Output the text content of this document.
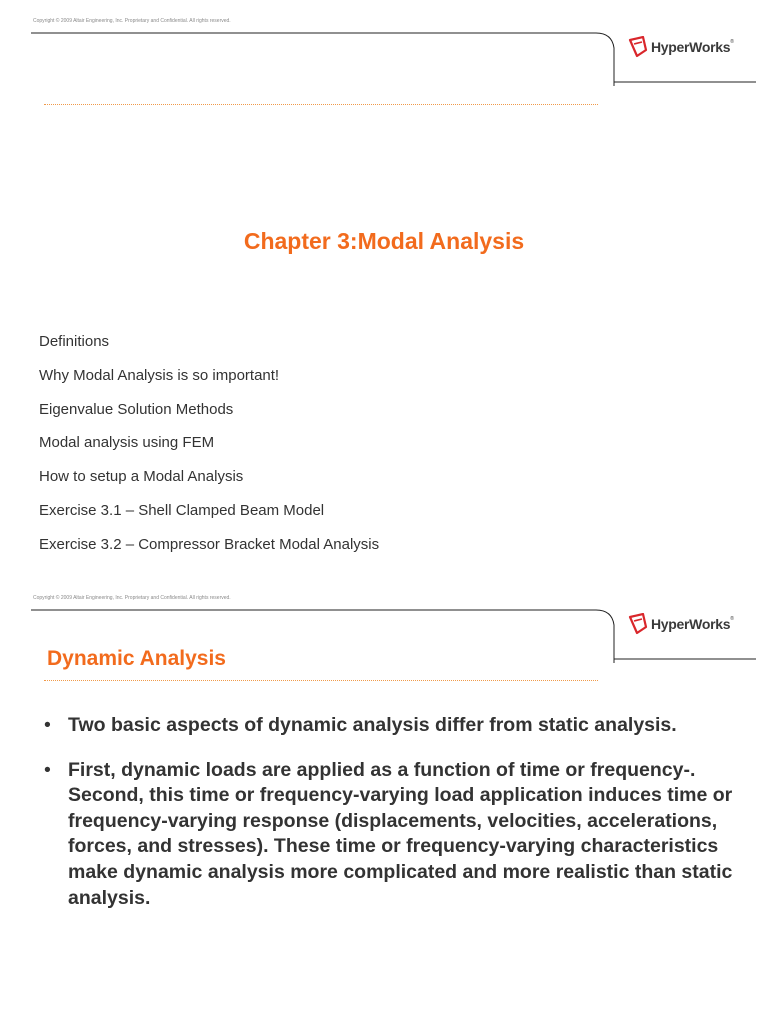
Copyright © 2009 Altair Engineering, Inc. Proprietary and Confidential. All rights reserved.
HyperWorks®
Chapter 3:Modal Analysis
Definitions
Why Modal Analysis is so important!
Eigenvalue Solution Methods
Modal analysis using FEM
How to setup a Modal Analysis
Exercise 3.1 – Shell Clamped Beam Model
Exercise 3.2 – Compressor Bracket Modal Analysis
Copyright © 2009 Altair Engineering, Inc. Proprietary and Confidential. All rights reserved.
HyperWorks®
Dynamic Analysis
• Two basic aspects of dynamic analysis differ from static analysis.
• First, dynamic loads are applied as a function of time or frequency-. Second, this time or frequency-varying load application induces time or frequency-varying response (displacements, velocities, accelerations, forces, and stresses). These time or frequency-varying characteristics make dynamic analysis more complicated and more realistic than static analysis.
